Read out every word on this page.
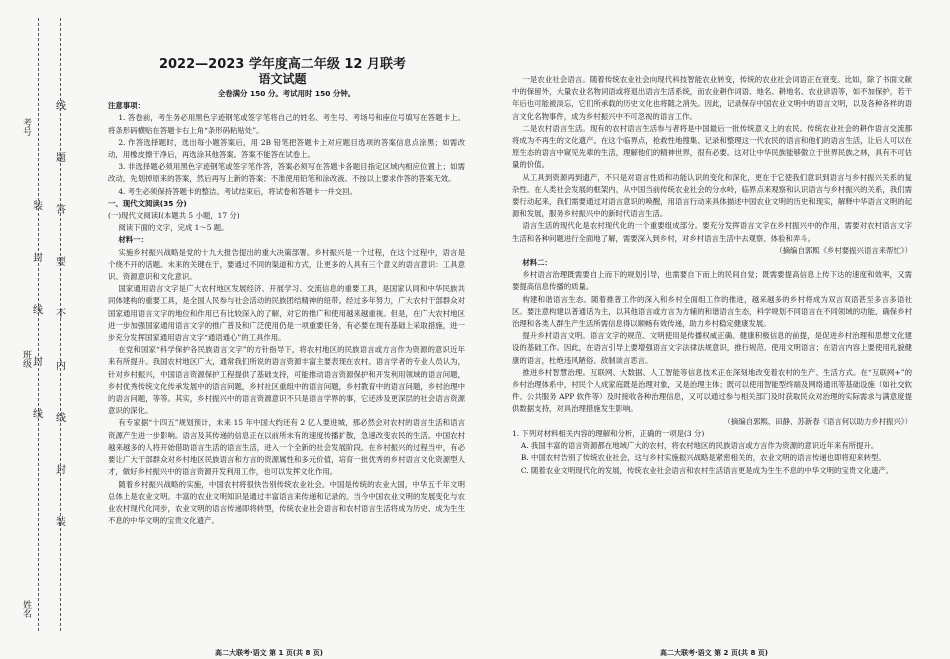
考号
班级
姓名
线
题
答
要
不
内
线
封
装
装
封
线
封
线
2022—2023 学年度高二年级 12 月联考
语文试题

全卷满分 150 分。考试用时 150 分钟。

注意事项：

1. 答卷前，考生务必用黑色字迹钢笔或签字笔将自己的姓名、考生号、考场号和座位号填写在答题卡上。将条形码横贴在答题卡右上角“条形码粘贴处”。

2. 作答选择题时，选出每小题答案后，用 2B 铅笔把答题卡上对应题目选项的答案信息点涂黑；如需改动，用橡皮擦干净后，再选涂其他答案。答案不能答在试卷上。

3. 非选择题必须用黑色字迹钢笔或签字笔作答，答案必须写在答题卡各题目指定区域内相应位置上；如需改动，先划掉原来的答案，然后再写上新的答案；不准使用铅笔和涂改液。不按以上要求作答的答案无效。

4. 考生必须保持答题卡的整洁。考试结束后，将试卷和答题卡一并交回。

一、现代文阅读(35 分)

(一)现代文阅读Ⅰ(本题共 5 小题，17 分)

阅读下面的文字，完成 1～5 题。

材料一：

实施乡村振兴战略是党的十九大报告提出的重大决策部署。乡村振兴是一个过程，在这个过程中，语言是个绕不开的话题。未来的关键在于，要通过不同的渠道和方式，让更多的人具有三个意义的语言意识：工具意识、资源意识和文化意识。

国家通用语言文字是广大农村地区发展经济、开展学习、交流信息的重要工具，是国家认同和中华民族共同体建构的重要工具，是全国人民参与社会活动的民族团结精神的纽带。经过多年努力，广大农村干部群众对国家通用语言文字的地位和作用已有比较深入的了解，对它的推广和使用越来越重视。但是，在广大农村地区进一步加强国家通用语言文字的推广普及和广泛使用仍是一项重要任务，有必要在现有基础上采取措施，进一步充分发挥国家通用语言文字“通语通心”的工具作用。

在党和国家“科学保护各民族语言文字”的方针指导下，将农村地区的民族语言或方言作为资源的意识近年来有所提升。我国农村地区广大，通常我们所说的语言资源丰富主要表现在农村。语言学者的专业人员认为，针对乡村振兴，中国语言资源保护工程提供了基础支持，可能推动语言资源保护和开发利用领域的语言问题，乡村优秀传统文化传承发展中的语言问题，乡村社区重组中的语言问题，乡村教育中的语言问题，乡村治理中的语言问题，等等。其实，乡村振兴中的语言资源意识不只是语言学界的事，它还涉及更深层的社会语言资源意识的深化。

有专家据“十四五”规划预计，未来 15 年中国大约还有 2 亿人要进城，那必然会对农村的语言生活和语言资源产生进一步影响。语言及其传递的信息正在以前所未有的速度传播扩散，急速改变农民的生活。中国农村越来越多的人将开始借助语言生活的语言生活，进入一个全新的社会发展阶段。在乡村振兴的过程当中，有必要让广大干部群众对乡村地区民族语言和方言的资源属性和多元价值，培育一批优秀的乡村语言文化资源型人才，做好乡村振兴中的语言资源开发利用工作，也可以发挥文化作用。

随着乡村振兴战略的实施，中国农村将很快告别传统农业社会。中国是传统的农业大国，中华五千年文明总体上是农业文明。丰富的农业文明知识是通过丰富语言来传递和记录的。当今中国农业文明的发展变化与农业农村现代化同步，农业文明的语言传递即将转型，传统农业社会语言和农村语言生活将成为历史、成为生生不息的中华文明的宝贵文化遗产。

一是农业社会语言。随着传统农业社会向现代科技智能农业转变，传统的农业社会词语正在衰变。比如，除了书面文献中的保留外，大量农业名物词语或将退出语言生活系统，而农业耕作词语、地名、耕地名、农业谚语等，如不加保护，若干年后也可能被淡忘，它们所承载的历史文化也将随之消失。因此，记录保存中国农业文明中的语言文明，以及各种各样的语言文化名物事件，成为乡村振兴中不可忽视的语言工作。

二是农村语言生活。现有的农村语言生活参与者将是中国最后一批传统意义上的农民。传统农业社会的耕作语言交流都将成为不再生的文化遗产。在这个临界点，抢救性地搜集、记录和整理这一代农民的语言和他们的语言生活，让后人可以在原生态的语言中窥见先辈的生活，理解他们的精神世界，很有必要。这对让中华民族能够傲立于世界民族之林，具有不可估量的价值。

从工具到资源再到遗产，不只是对语言性质和功能认识的变化和深化，更在于它使我们意识到语言与乡村振兴关系的复杂性。在人类社会发展的框架内，从中国当前传统农业社会的分水岭，临界点来观察和认识语言与乡村振兴的关系，我们需要行动起来，我们需要通过对语言意识的唤醒，用语言行动来具体描述中国农业文明的历史和现实，解释中华语言文明的起源和发展，服务乡村振兴中的新时代语言生活。

语言生活的现代化是农村现代化的一个重要组成部分。要充分发挥语言文字在乡村振兴中的作用，需要对农村语言文字生活和各种问题进行全面地了解，需要深入到乡村，对乡村语言生活中去观察、体验和弄斗。

（摘编自郭熙《乡村要振兴语言来帮忙》）

材料二：

乡村语言治理既需要自上而下的规划引导，也需要自下而上的民间自觉；既需要提高信息上传下达的速度和效率，又需要提高信息传播的质量。

构建和谐语言生态。随着推普工作的深入和乡村全面组工作的推进，越来越多的乡村将成为双言双语甚至多言多语社区。要注意构建以普通话为主，以其他语言或方言为方辅的和谐语言生态，科学规划不同语言在不同领域的功能，确保乡村治理和各类人群生产生活所需信息得以顺畅有效传递，助力乡村稳定健康发展。

提升乡村语言文明。语言文字的规范、文明使用是传播权威正确、健康积极信息的前提，是促进乡村治理和思想文化建设的基础工作。因此，在语言引导上要增强语言文字法律法规意识，推行规范、使用文明语言；在语言内容上要使用礼貌健康的语言，杜绝违风陋俗、敌制谈言恶言。

推进乡村智慧治理。互联网、大数据、人工智能等信息技术正在深刻地改变着农村的生产、生活方式。在“互联网+”的乡村治理体系中，村民个人成家庭既是治理对象，又是治理主体；既可以使用智能型终端及网络通讯等基础设施（如社交软件、公共服务 APP 软件等）及时接收各种治理信息，又可以通过参与相关部门及时获取民众对治理的实际需求与满意度提供数据支持，对具治理措施发生影响。

（摘编自郭熙、田静、苏新春《语言何以助力乡村振兴》）

1. 下列对材料相关内容的理解和分析，正确的一项是(3 分)

A. 我国丰富的语言资源都在地域广大的农村，将农村地区的民族语言或方言作为资源的意识近年来有所提升。

B. 中国农村告别了传统农业社会，这与乡村实施振兴战略是紧密相关的，农业文明的语言传递也即将迎来转型。

C. 随着农业文明现代化的发展，传统农业社会语言和农村生活语言更是成为生生不息的中华文明的宝贵文化遗产。

高二大联考·语文 第 1 页(共 8 页)	高二大联考·语文 第 2 页(共 8 页)
